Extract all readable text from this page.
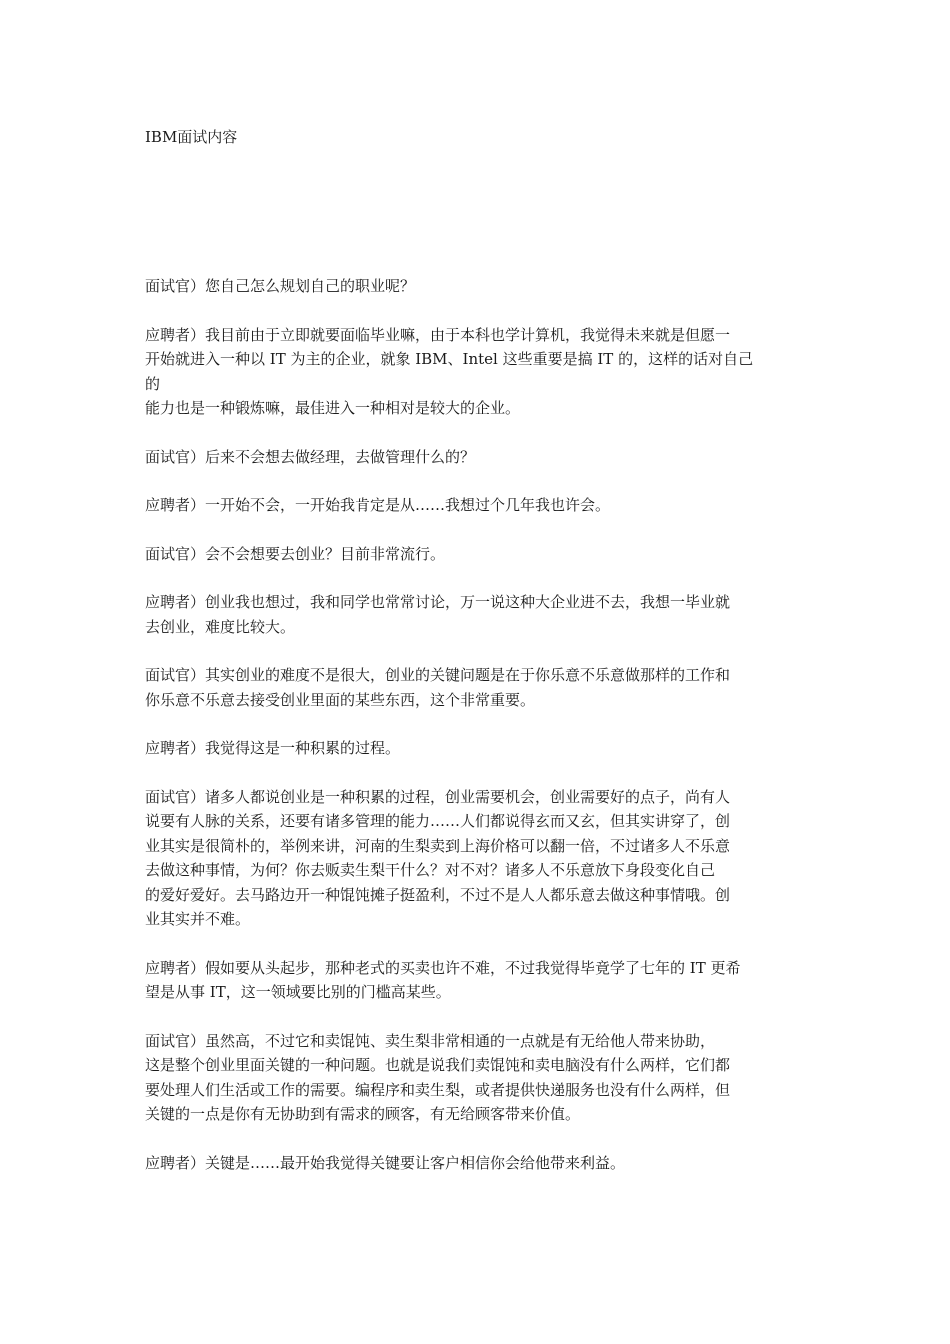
IBM面试内容

面试官）您自己怎么规划自己的职业呢？

应聘者）我目前由于立即就要面临毕业嘛，由于本科也学计算机，我觉得未来就是但愿一
开始就进入一种以 IT 为主的企业，就象 IBM、Intel 这些重要是搞 IT 的，这样的话对自己
的
能力也是一种锻炼嘛，最佳进入一种相对是较大的企业。

面试官）后来不会想去做经理，去做管理什么的？

应聘者）一开始不会，一开始我肯定是从……我想过个几年我也许会。

面试官）会不会想要去创业？目前非常流行。

应聘者）创业我也想过，我和同学也常常讨论，万一说这种大企业进不去，我想一毕业就
去创业，难度比较大。

面试官）其实创业的难度不是很大，创业的关键问题是在于你乐意不乐意做那样的工作和
你乐意不乐意去接受创业里面的某些东西，这个非常重要。

应聘者）我觉得这是一种积累的过程。

面试官）诸多人都说创业是一种积累的过程，创业需要机会，创业需要好的点子，尚有人
说要有人脉的关系，还要有诸多管理的能力……人们都说得玄而又玄，但其实讲穿了，创
业其实是很简朴的，举例来讲，河南的生梨卖到上海价格可以翻一倍，不过诸多人不乐意
去做这种事情，为何？你去贩卖生梨干什么？对不对？诸多人不乐意放下身段变化自己
的爱好爱好。去马路边开一种馄饨摊子挺盈利，不过不是人人都乐意去做这种事情哦。创
业其实并不难。

应聘者）假如要从头起步，那种老式的买卖也许不难，不过我觉得毕竟学了七年的 IT 更希
望是从事 IT，这一领域要比别的门槛高某些。

面试官）虽然高，不过它和卖馄饨、卖生梨非常相通的一点就是有无给他人带来协助，
这是整个创业里面关键的一种问题。也就是说我们卖馄饨和卖电脑没有什么两样，它们都
要处理人们生活或工作的需要。编程序和卖生梨，或者提供快递服务也没有什么两样，但
关键的一点是你有无协助到有需求的顾客，有无给顾客带来价值。

应聘者）关键是……最开始我觉得关键要让客户相信你会给他带来利益。
